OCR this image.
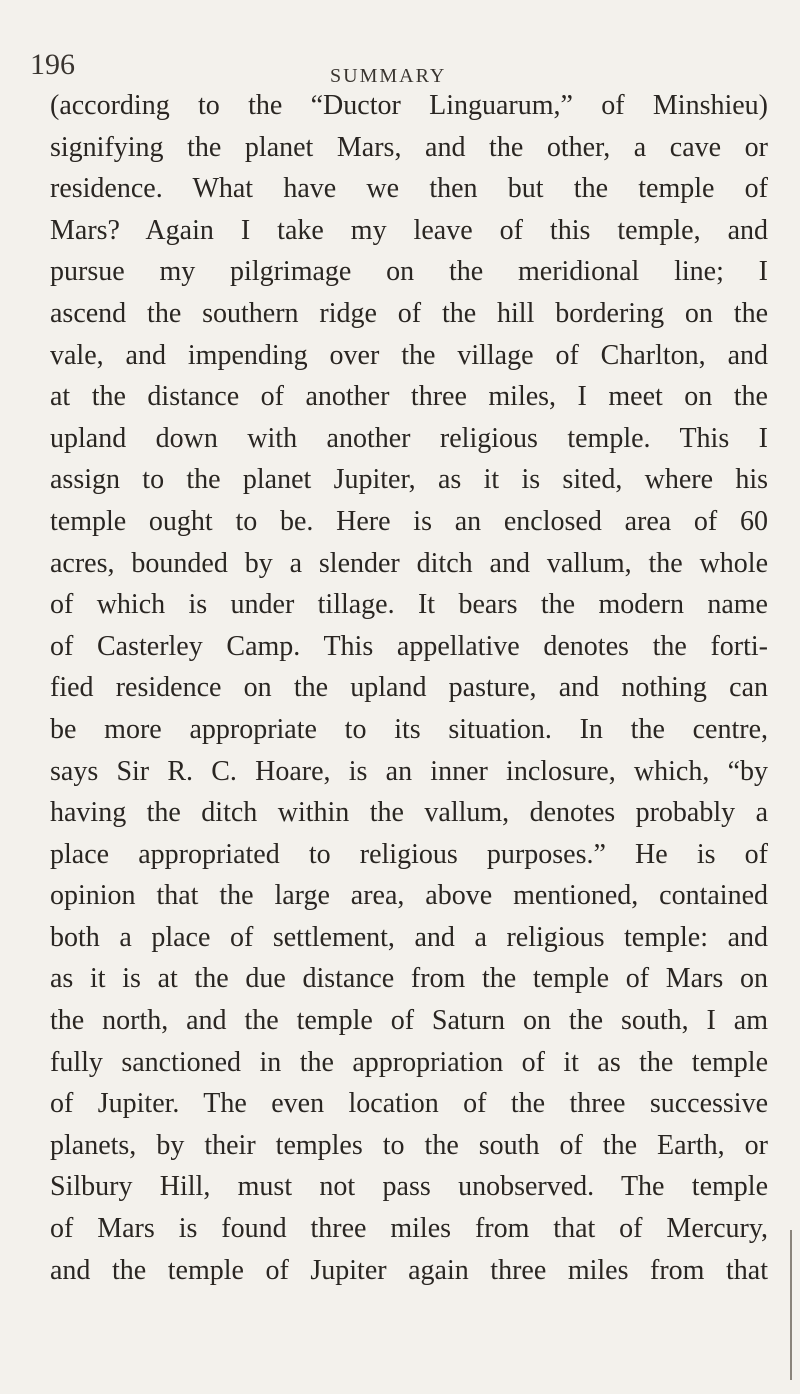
196	SUMMARY
(according to the “Ductor Linguarum,” of Minshieu)
signifying the planet Mars, and the other, a cave or
residence. What have we then but the temple of
Mars? Again I take my leave of this temple, and
pursue my pilgrimage on the meridional line; I
ascend the southern ridge of the hill bordering on the
vale, and impending over the village of Charlton, and
at the distance of another three miles, I meet on the
upland down with another religious temple. This I
assign to the planet Jupiter, as it is sited, where his
temple ought to be. Here is an enclosed area of 60
acres, bounded by a slender ditch and vallum, the whole
of which is under tillage. It bears the modern name
of Casterley Camp. This appellative denotes the forti-
fied residence on the upland pasture, and nothing can
be more appropriate to its situation. In the centre,
says Sir R. C. Hoare, is an inner inclosure, which, “by
having the ditch within the vallum, denotes probably a
place appropriated to religious purposes.” He is of
opinion that the large area, above mentioned, contained
both a place of settlement, and a religious temple: and
as it is at the due distance from the temple of Mars on
the north, and the temple of Saturn on the south, I am
fully sanctioned in the appropriation of it as the temple
of Jupiter. The even location of the three successive
planets, by their temples to the south of the Earth, or
Silbury Hill, must not pass unobserved. The temple
of Mars is found three miles from that of Mercury,
and the temple of Jupiter again three miles from that
